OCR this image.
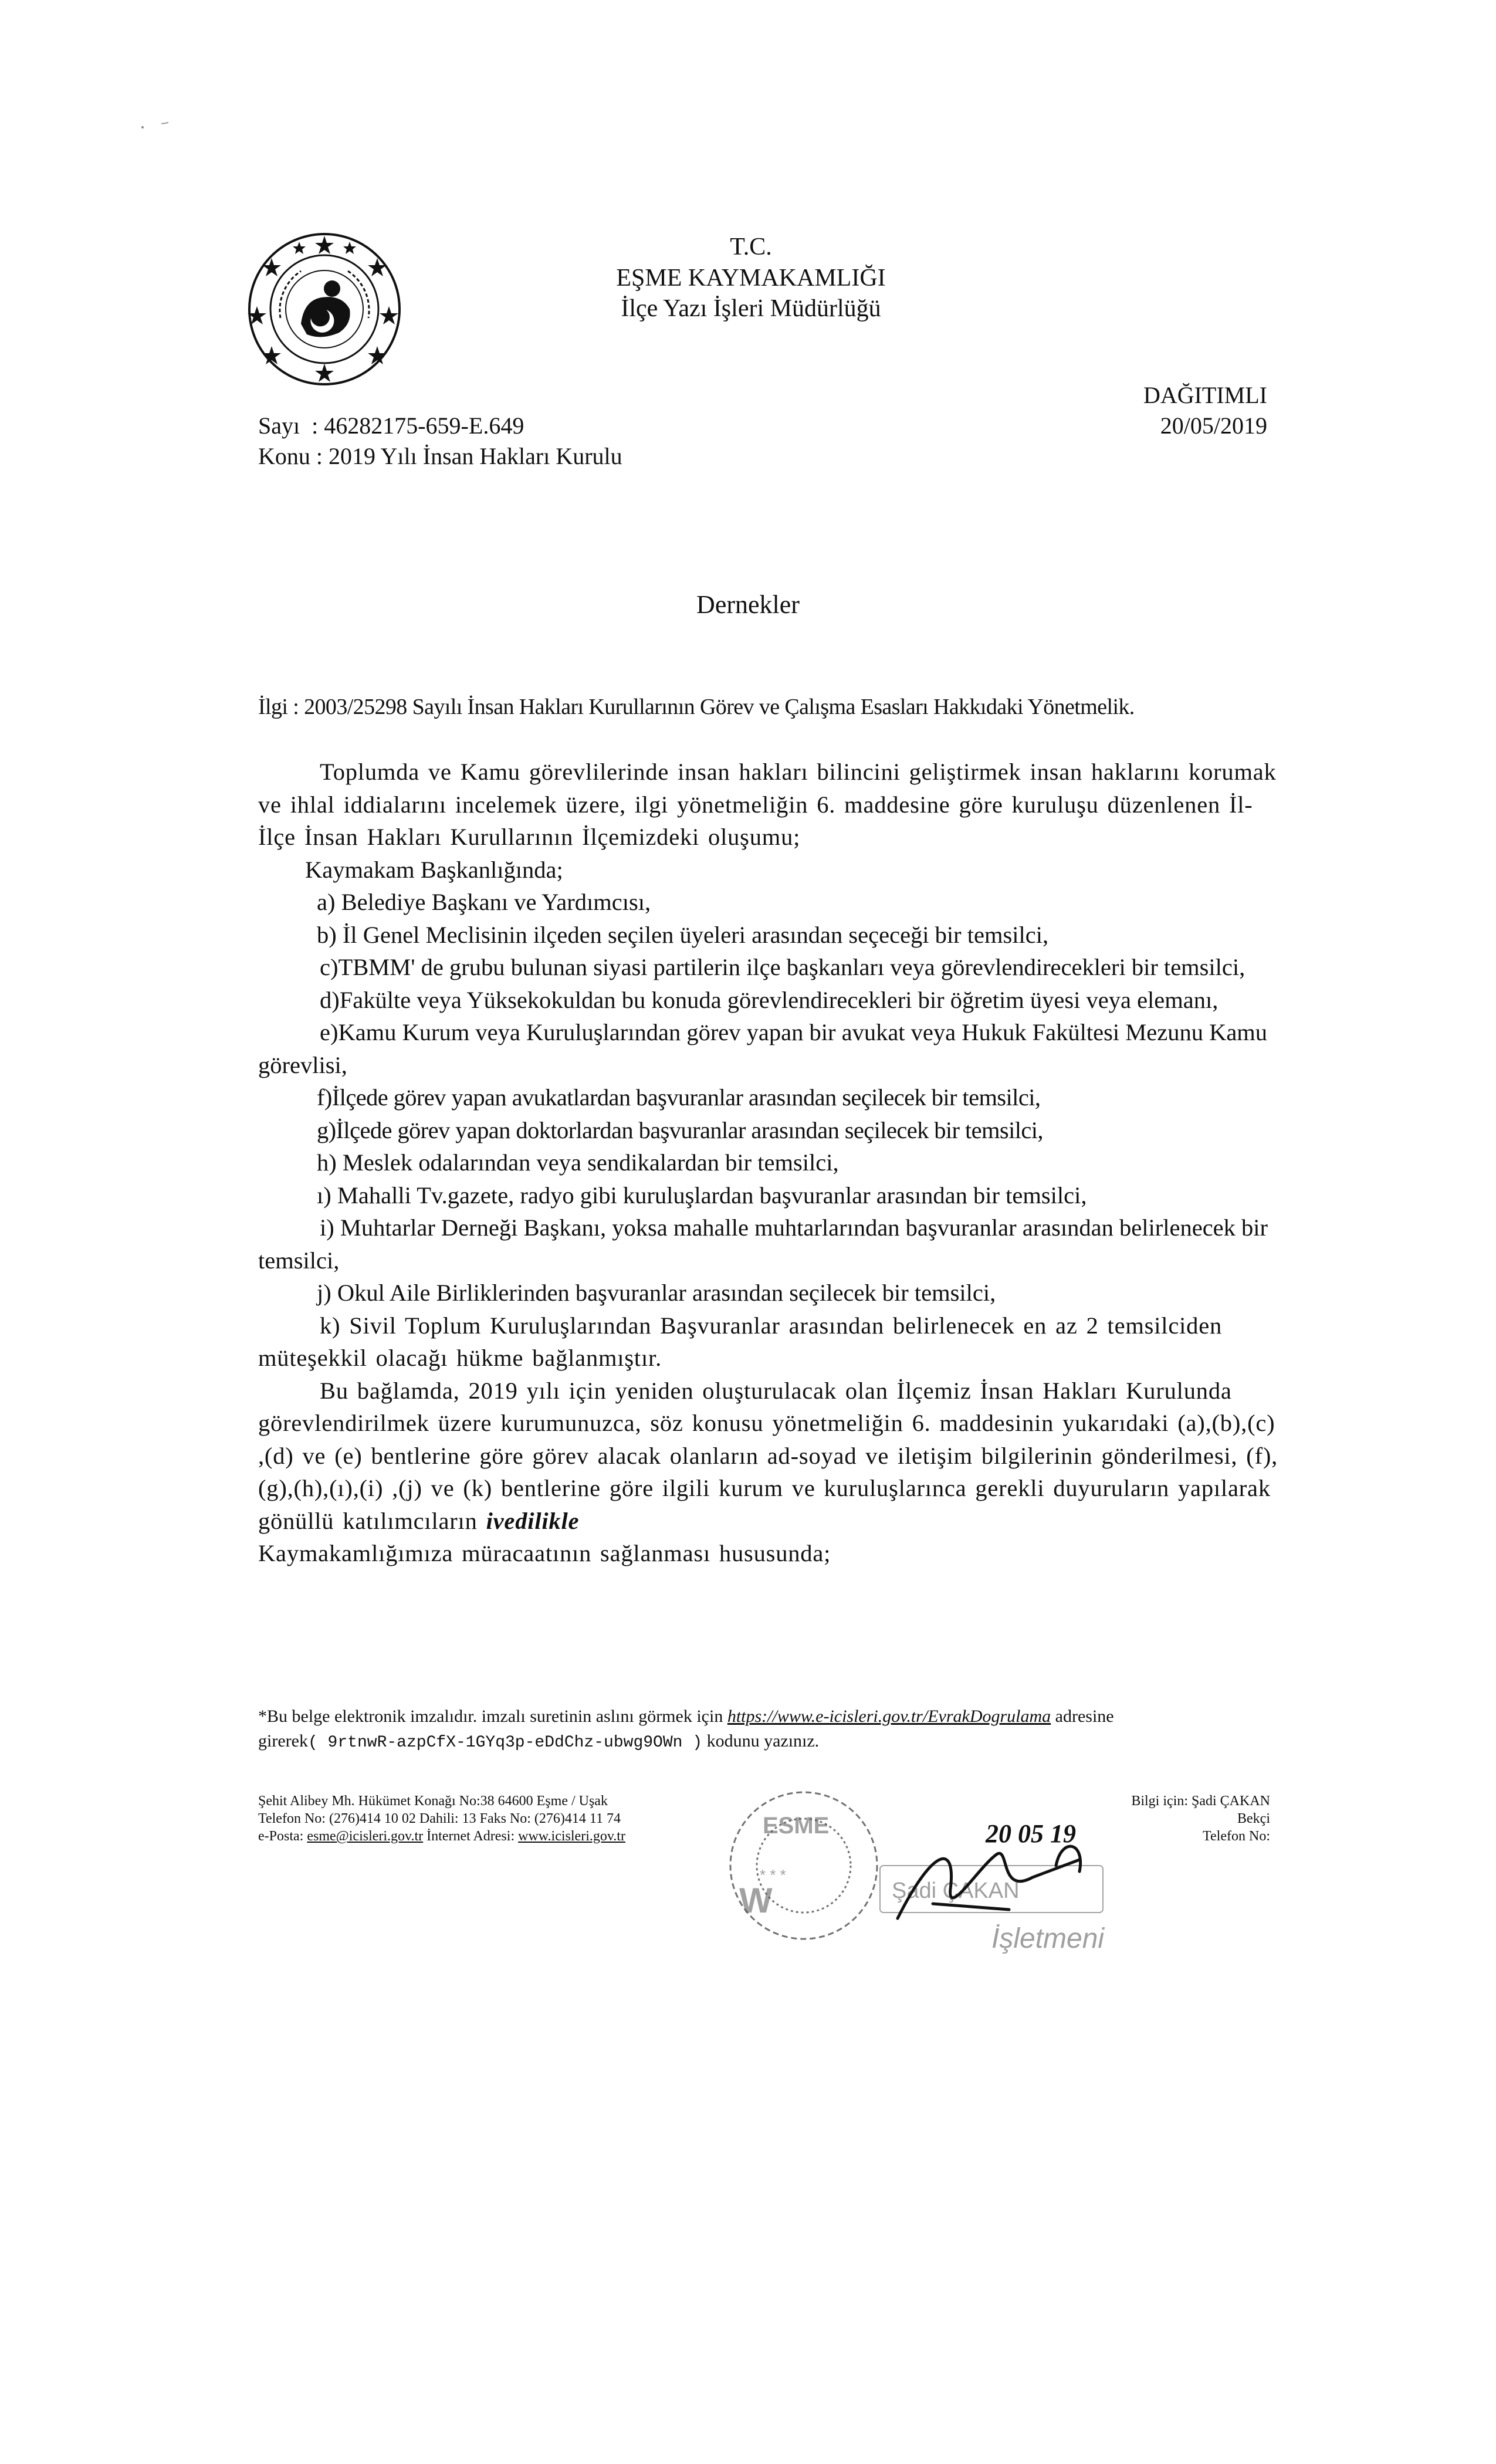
T.C.
EŞME KAYMAKAMLIĞI
İlçe Yazı İşleri Müdürlüğü
DAĞITIMLI
20/05/2019
Sayı : 46282175-659-E.649
Konu : 2019 Yılı İnsan Hakları Kurulu
Dernekler
İlgi : 2003/25298 Sayılı İnsan Hakları Kurullarının Görev ve Çalışma Esasları Hakkıdaki Yönetmelik.

Toplumda ve Kamu görevlilerinde insan hakları bilincini geliştirmek insan haklarını korumak ve ihlal iddialarını incelemek üzere, ilgi yönetmeliğin 6. maddesine göre kuruluşu düzenlenen İl-İlçe İnsan Hakları Kurullarının İlçemizdeki oluşumu;

Kaymakam Başkanlığında;

a) Belediye Başkanı ve Yardımcısı,

b) İl Genel Meclisinin ilçeden seçilen üyeleri arasından seçeceği bir temsilci,

c)TBMM' de grubu bulunan siyasi partilerin ilçe başkanları veya görevlendirecekleri bir temsilci,

d)Fakülte veya Yüksekokuldan bu konuda görevlendirecekleri bir öğretim üyesi veya elemanı,

e)Kamu Kurum veya Kuruluşlarından görev yapan bir avukat veya Hukuk Fakültesi Mezunu Kamu görevlisi,

f)İlçede görev yapan avukatlardan başvuranlar arasından seçilecek bir temsilci,

g)İlçede görev yapan doktorlardan başvuranlar arasından seçilecek bir temsilci,

h) Meslek odalarından veya sendikalardan bir temsilci,

ı) Mahalli Tv.gazete, radyo gibi kuruluşlardan başvuranlar arasından bir temsilci,

i) Muhtarlar Derneği Başkanı, yoksa mahalle muhtarlarından başvuranlar arasından belirlenecek bir temsilci,

j) Okul Aile Birliklerinden başvuranlar arasından seçilecek bir temsilci,

k) Sivil Toplum Kuruluşlarından Başvuranlar arasından belirlenecek en az 2 temsilciden müteşekkil olacağı hükme bağlanmıştır.

Bu bağlamda, 2019 yılı için yeniden oluşturulacak olan İlçemiz İnsan Hakları Kurulunda görevlendirilmek üzere kurumunuzca, söz konusu yönetmeliğin 6. maddesinin yukarıdaki (a),(b),(c) ,(d) ve (e) bentlerine göre görev alacak olanların ad-soyad ve iletişim bilgilerinin gönderilmesi, (f),(g),(h),(ı),(i) ,(j) ve (k) bentlerine göre ilgili kurum ve kuruluşlarınca gerekli duyuruların yapılarak gönüllü katılımcıların ivedilikle
Kaymakamlığımıza müracaatının sağlanması hususunda;

*Bu belge elektronik imzalıdır. imzalı suretinin aslını görmek için https://www.e-icisleri.gov.tr/EvrakDogrulama adresine
girerek( 9rtnwR-azpCfX-1GYq3p-eDdChz-ubwg9OWn ) kodunu yazınız.
Şehit Alibey Mh. Hükümet Konağı No:38 64600 Eşme / Uşak
Telefon No: (276)414 10 02 Dahili: 13 Faks No: (276)414 11 74
e-Posta: esme@icisleri.gov.tr İnternet Adresi: www.icisleri.gov.tr
Bilgi için: Şadi ÇAKAN
Bekçi
Telefon No:
ESME
* * *
W	Şadi ÇAKAN
İşletmeni
20 05 19
